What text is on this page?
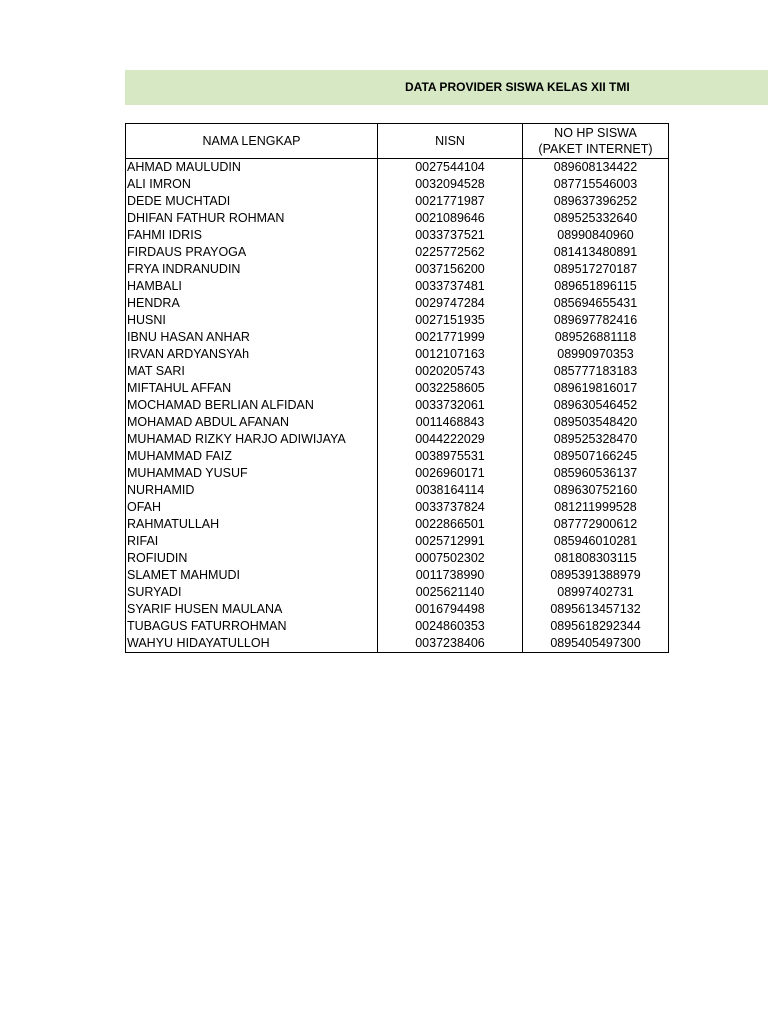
DATA PROVIDER SISWA KELAS XII TMI
NAMA LENGKAP	NISN	NO HP SISWA
(PAKET INTERNET)

AHMAD MAULUDIN	0027544104	089608134422
ALI IMRON	0032094528	087715546003
DEDE MUCHTADI	0021771987	089637396252
DHIFAN FATHUR ROHMAN	0021089646	089525332640
FAHMI IDRIS	0033737521	08990840960
FIRDAUS PRAYOGA	0225772562	081413480891
FRYA INDRANUDIN	0037156200	089517270187
HAMBALI	0033737481	089651896115
HENDRA	0029747284	085694655431
HUSNI	0027151935	089697782416
IBNU HASAN ANHAR	0021771999	089526881118
IRVAN ARDYANSYAh	0012107163	08990970353
MAT SARI	0020205743	085777183183
MIFTAHUL AFFAN	0032258605	089619816017
MOCHAMAD BERLIAN ALFIDAN	0033732061	089630546452
MOHAMAD ABDUL AFANAN	0011468843	089503548420
MUHAMAD RIZKY HARJO ADIWIJAYA	0044222029	089525328470
MUHAMMAD FAIZ	0038975531	089507166245
MUHAMMAD YUSUF	0026960171	085960536137
NURHAMID	0038164114	089630752160
OFAH	0033737824	081211999528
RAHMATULLAH	0022866501	087772900612
RIFAI	0025712991	085946010281
ROFIUDIN	0007502302	081808303115
SLAMET MAHMUDI	0011738990	0895391388979
SURYADI	0025621140	08997402731
SYARIF HUSEN MAULANA	0016794498	0895613457132
TUBAGUS FATURROHMAN	0024860353	0895618292344
WAHYU HIDAYATULLOH	0037238406	0895405497300
